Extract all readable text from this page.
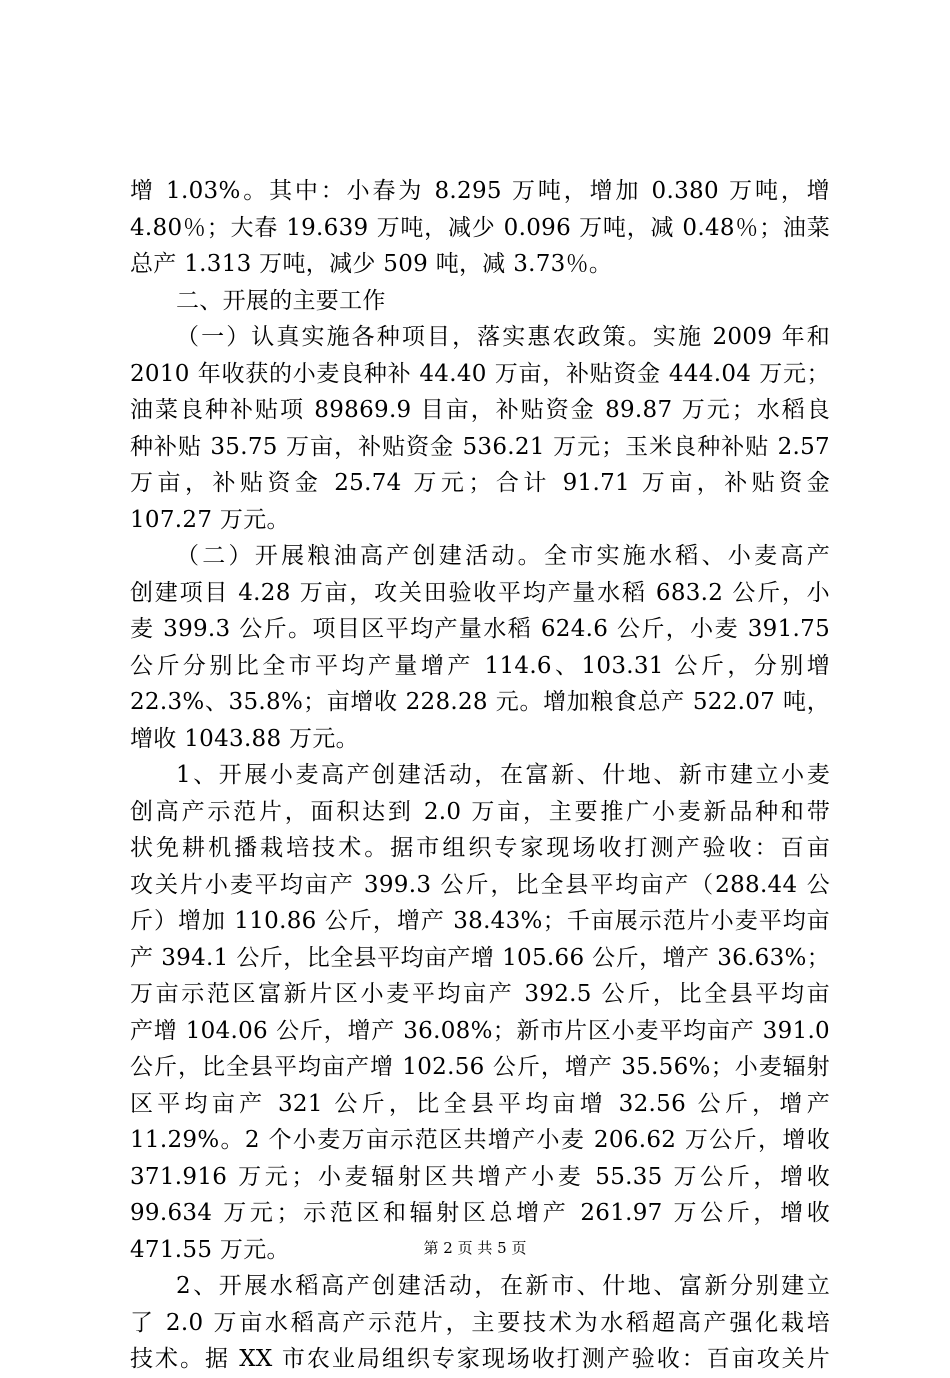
增 1.03%。其中：小春为 8.295 万吨，增加 0.380 万吨，增
4.80％；大春 19.639 万吨，减少 0.096 万吨，减 0.48％；油菜
总产 1.313 万吨，减少 509 吨，减 3.73％。
二、开展的主要工作
（一）认真实施各种项目，落实惠农政策。实施 2009 年和
2010 年收获的小麦良种补 44.40 万亩，补贴资金 444.04 万元；
油菜良种补贴项 89869.9 目亩，补贴资金 89.87 万元；水稻良
种补贴 35.75 万亩，补贴资金 536.21 万元；玉米良种补贴 2.57
万亩，补贴资金 25.74 万元；合计 91.71 万亩，补贴资金
107.27 万元。
（二）开展粮油高产创建活动。全市实施水稻、小麦高产
创建项目 4.28 万亩，攻关田验收平均产量水稻 683.2 公斤，小
麦 399.3 公斤。项目区平均产量水稻 624.6 公斤，小麦 391.75
公斤分别比全市平均产量增产 114.6、103.31 公斤，分别增
22.3%、35.8%；亩增收 228.28 元。增加粮食总产 522.07 吨，
增收 1043.88 万元。
1、开展小麦高产创建活动，在富新、什地、新市建立小麦
创高产示范片，面积达到 2.0 万亩，主要推广小麦新品种和带
状免耕机播栽培技术。据市组织专家现场收打测产验收：百亩
攻关片小麦平均亩产 399.3 公斤，比全县平均亩产（288.44 公
斤）增加 110.86 公斤，增产 38.43%；千亩展示范片小麦平均亩
产 394.1 公斤，比全县平均亩产增 105.66 公斤，增产 36.63%；
万亩示范区富新片区小麦平均亩产 392.5 公斤，比全县平均亩
产增 104.06 公斤，增产 36.08%；新市片区小麦平均亩产 391.0
公斤，比全县平均亩产增 102.56 公斤，增产 35.56%；小麦辐射
区平均亩产 321 公斤，比全县平均亩增 32.56 公斤，增产
11.29%。2 个小麦万亩示范区共增产小麦 206.62 万公斤，增收
371.916 万元；小麦辐射区共增产小麦 55.35 万公斤，增收
99.634 万元；示范区和辐射区总增产 261.97 万公斤，增收
471.55 万元。
2、开展水稻高产创建活动，在新市、什地、富新分别建立
了 2.0 万亩水稻高产示范片，主要技术为水稻超高产强化栽培
技术。据 XX 市农业局组织专家现场收打测产验收：百亩攻关片
第 2 页 共 5 页
